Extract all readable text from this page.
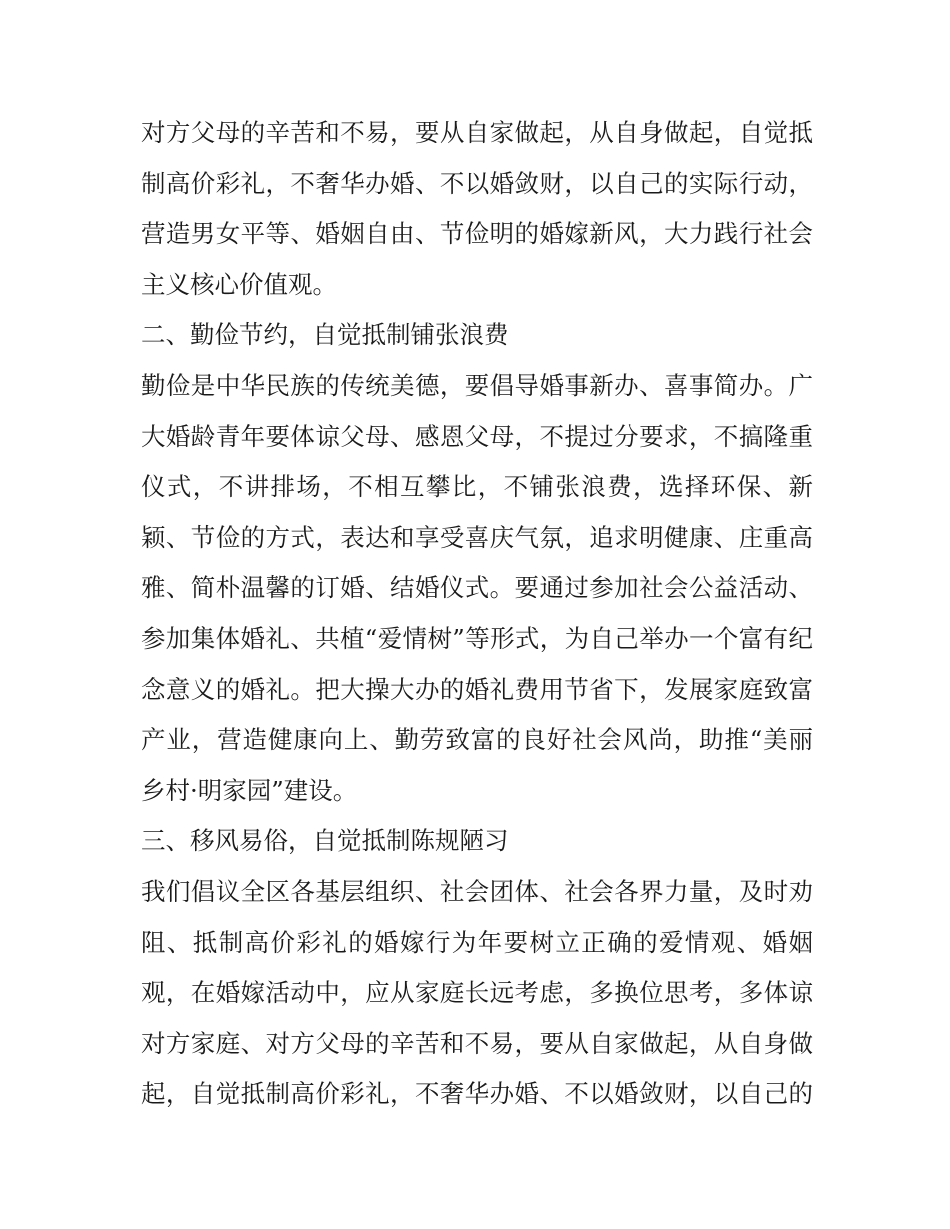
对方父母的辛苦和不易，要从自家做起，从自身做起，自觉抵
制高价彩礼，不奢华办婚、不以婚敛财，以自己的实际行动，
营造男女平等、婚姻自由、节俭明的婚嫁新风，大力践行社会
主义核心价值观。
二、勤俭节约，自觉抵制铺张浪费
勤俭是中华民族的传统美德，要倡导婚事新办、喜事简办。广
大婚龄青年要体谅父母、感恩父母，不提过分要求，不搞隆重
仪式，不讲排场，不相互攀比，不铺张浪费，选择环保、新
颖、节俭的方式，表达和享受喜庆气氛，追求明健康、庄重高
雅、简朴温馨的订婚、结婚仪式。要通过参加社会公益活动、
参加集体婚礼、共植“爱情树”等形式，为自己举办一个富有纪
念意义的婚礼。把大操大办的婚礼费用节省下，发展家庭致富
产业，营造健康向上、勤劳致富的良好社会风尚，助推“美丽
乡村·明家园”建设。
三、移风易俗，自觉抵制陈规陋习
我们倡议全区各基层组织、社会团体、社会各界力量，及时劝
阻、抵制高价彩礼的婚嫁行为年要树立正确的爱情观、婚姻
观，在婚嫁活动中，应从家庭长远考虑，多换位思考，多体谅
对方家庭、对方父母的辛苦和不易，要从自家做起，从自身做
起，自觉抵制高价彩礼，不奢华办婚、不以婚敛财，以自己的
